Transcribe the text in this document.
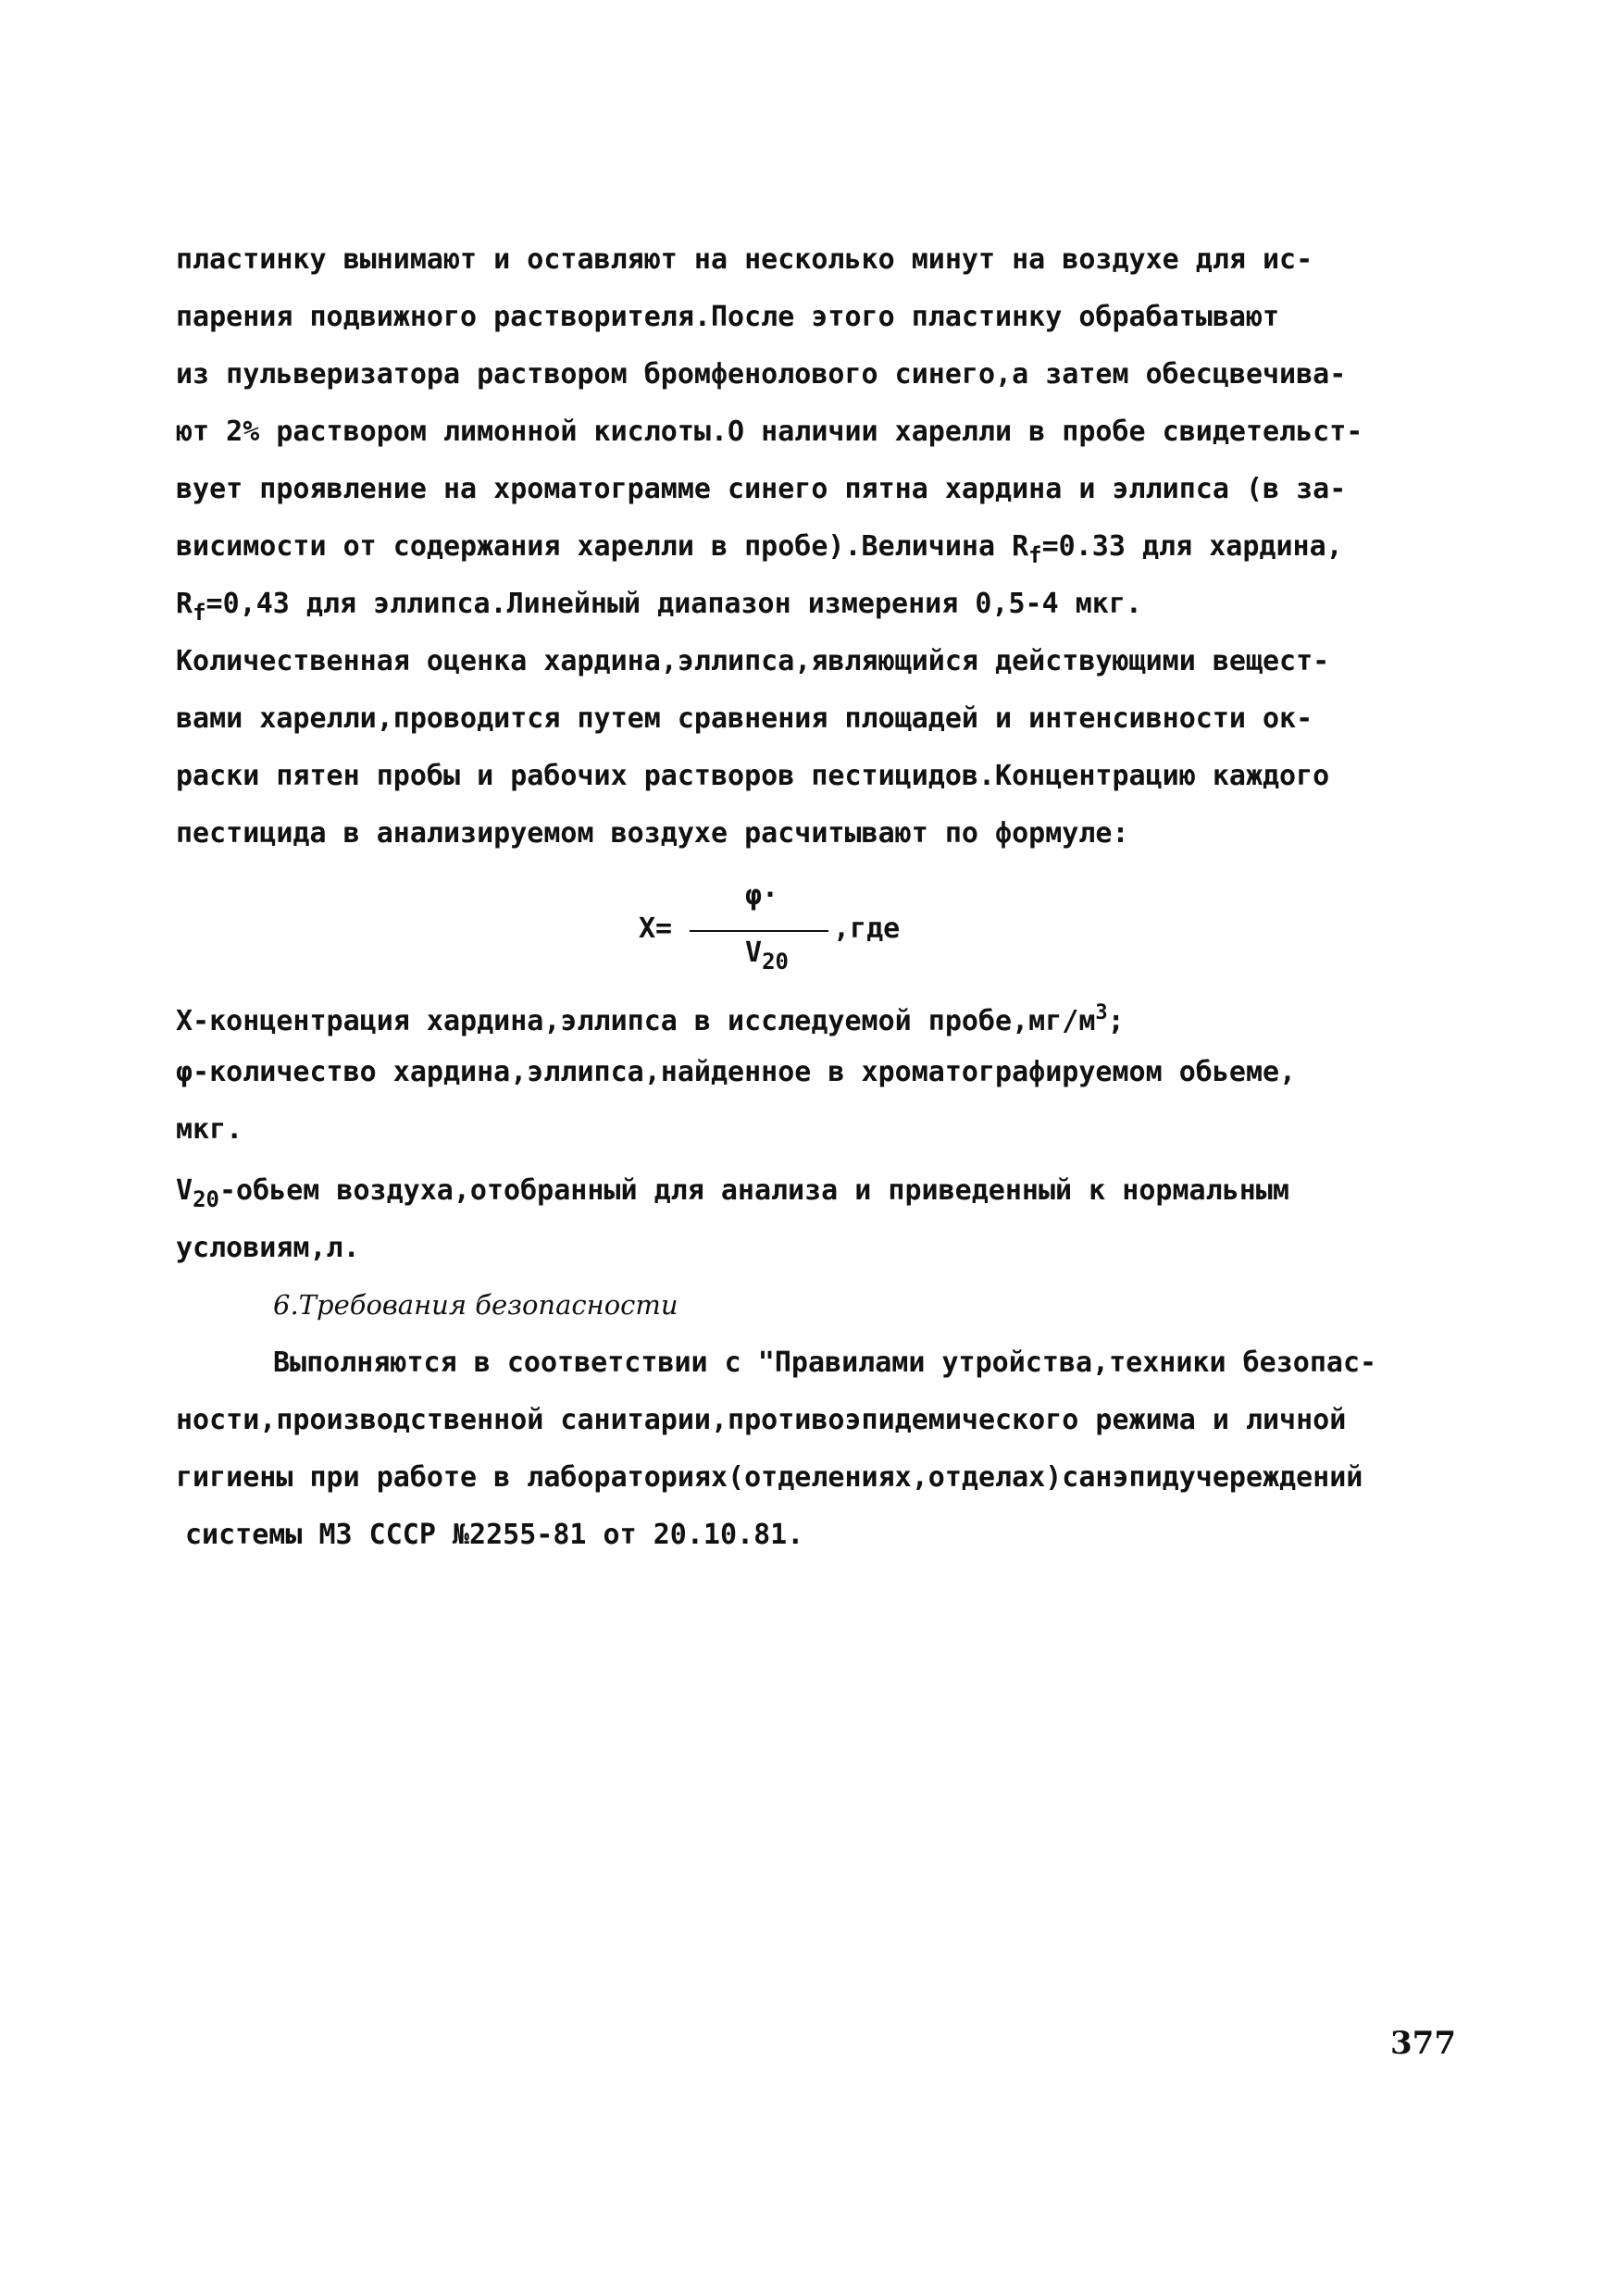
пластинку вынимают и оставляют на несколько минут на воздухе для ис-
парения подвижного растворителя.После этого пластинку обрабатывают
из пульверизатора раствором бромфенолового синего,а затем обесцвечива-
ют 2% раствором лимонной кислоты.О наличии харелли в пробе свидетельст-
вует проявление на хроматограмме синего пятна хардина и эллипса (в за-
висимости от содержания харелли в пробе).Величина $R_f=0.33$ для хардина,
$R_f=0,43$ для эллипса.Линейный диапазон измерения 0,5-4 мкг.
Количественная оценка хардина,эллипса,являющийся действующими вещест-
вами харелли,проводится путем сравнения площадей и интенсивности ок-
раски пятен пробы и рабочих растворов пестицидов.Концентрацию каждого
пестицида в анализируемом воздухе расчитывают по формуле:
X=
φ·
$V_{20}$
,где
X-концентрация хардина,эллипса в исследуемой $пробе,мг/м^3$;
φ-количество хардина,эллипса,найденное в хроматографируемом обьеме,
мкг.
$V_{20}$-обьем воздуха,отобранный для анализа и приведенный к нормальным
условиям,л.
6.Требования безопасности
Выполняются в соответствии с "Правилами утройства,техники безопас-
ности,производственной санитарии,противоэпидемического режима и личной
гигиены при работе в лабораториях(отделениях,отделах)санэпидучереждений
системы МЗ СССР №2255-81 от 20.10.81.
377
